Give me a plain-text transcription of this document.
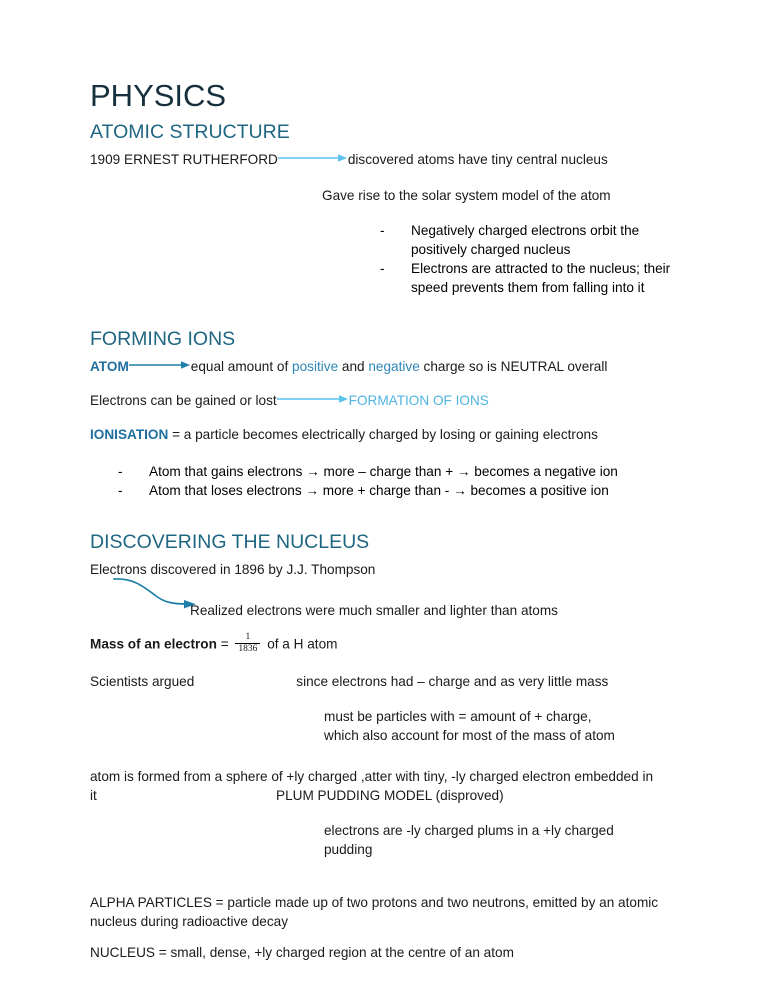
PHYSICS
ATOMIC STRUCTURE

1909 ERNEST RUTHERFORD	discovered atoms have tiny central nucleus

Gave rise to the solar system model of the atom

- Negatively charged electrons orbit the positively charged nucleus
- Electrons are attracted to the nucleus; their speed prevents them from falling into it
FORMING IONS

ATOM	equal amount of positive and negative charge so is NEUTRAL overall

Electrons can be gained or lost	FORMATION OF IONS

IONISATION = a particle becomes electrically charged by losing or gaining electrons

- Atom that gains electrons → more – charge than + → becomes a negative ion
- Atom that loses electrons → more + charge than - → becomes a positive ion
DISCOVERING THE NUCLEUS

Electrons discovered in 1896 by J.J. Thompson

Realized electrons were much smaller and lighter than atoms

Mass of an electron = $\frac{1}{1836}$ of a H atom

Scientists argued	since electrons had – charge and as very little mass

must be particles with = amount of + charge, which also account for most of the mass of atom

atom is formed from a sphere of +ly charged ,atter with tiny, -ly charged electron embedded in it	PLUM PUDDING MODEL (disproved)

electrons are -ly charged plums in a +ly charged pudding

ALPHA PARTICLES = particle made up of two protons and two neutrons, emitted by an atomic nucleus during radioactive decay

NUCLEUS = small, dense, +ly charged region at the centre of an atom
